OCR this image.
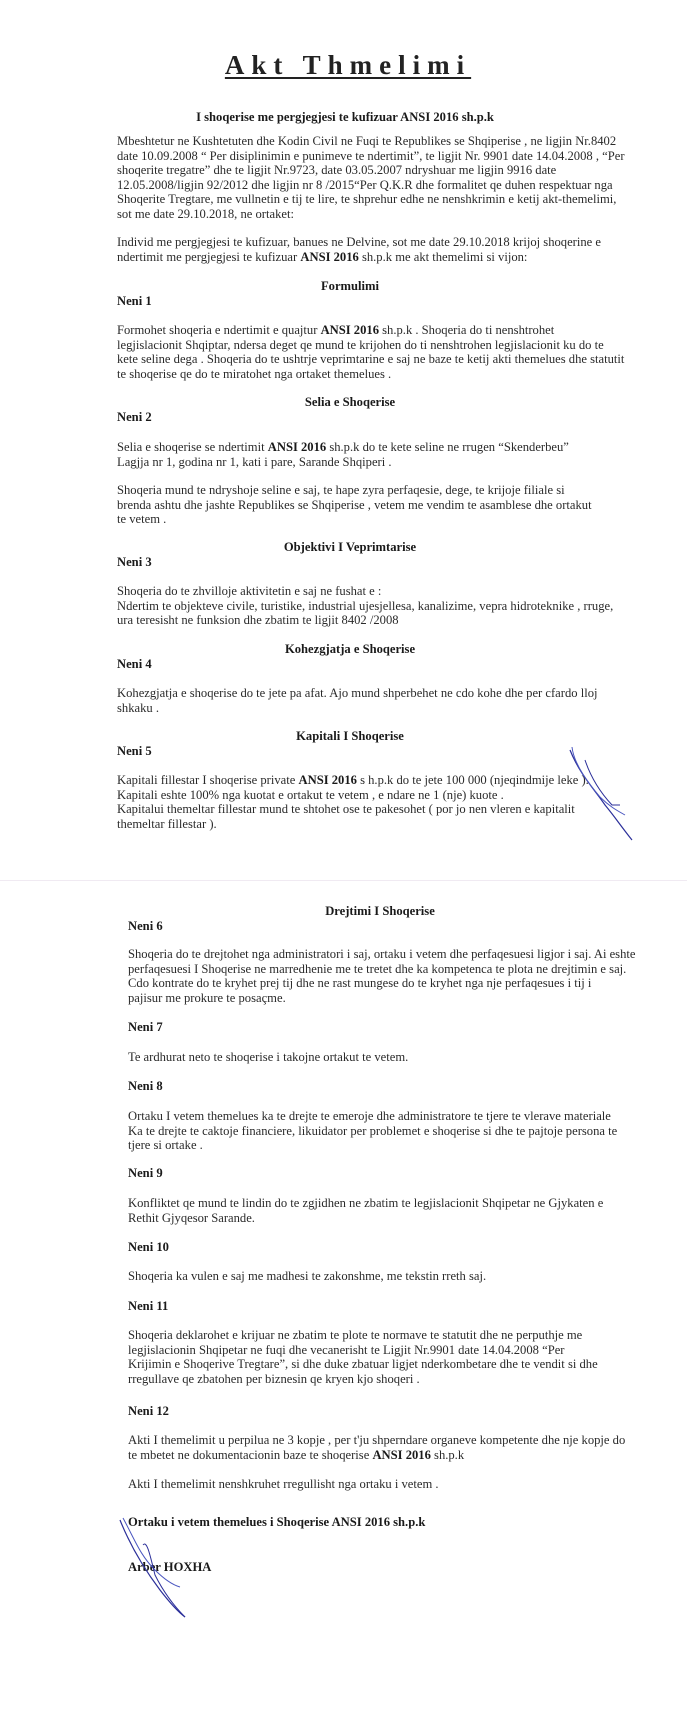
Akt Thmelimi
I shoqerise me pergjegjesi te kufizuar ANSI 2016 sh.p.k
Mbeshtetur ne Kushtetuten dhe Kodin Civil ne Fuqi te Republikes se Shqiperise , ne ligjin Nr.8402
date 10.09.2008 “ Per disiplinimin e punimeve te ndertimit”, te ligjit Nr. 9901 date 14.04.2008 , “Per
shoqerite tregatre” dhe te ligjit Nr.9723, date 03.05.2007 ndryshuar me ligjin 9916 date
12.05.2008/ligjin 92/2012 dhe ligjin nr 8 /2015“Per Q.K.R dhe formalitet qe duhen respektuar nga
Shoqerite Tregtare, me vullnetin e tij te lire, te shprehur edhe ne nenshkrimin e ketij akt-themelimi,
sot me date 29.10.2018, ne ortaket:
Individ me pergjegjesi te kufizuar, banues ne Delvine, sot me date 29.10.2018 krijoj shoqerine e
ndertimit me pergjegjesi te kufizuar ANSI 2016 sh.p.k me akt themelimi si vijon:
Formulimi
Neni 1
Formohet shoqeria e ndertimit e quajtur ANSI 2016 sh.p.k . Shoqeria do ti nenshtrohet
legjislacionit Shqiptar, ndersa deget qe mund te krijohen do ti nenshtrohen legjislacionit ku do te
kete seline dega . Shoqeria do te ushtrje veprimtarine e saj ne baze te ketij akti themelues dhe statutit
te shoqerise qe do te miratohet nga ortaket themelues .
Selia e Shoqerise
Neni 2
Selia e shoqerise se ndertimit ANSI 2016 sh.p.k do te kete seline ne rrugen “Skenderbeu”
Lagjja nr 1, godina nr 1, kati i pare, Sarande Shqiperi .
Shoqeria mund te ndryshoje seline e saj, te hape zyra perfaqesie, dege, te krijoje filiale si
brenda ashtu dhe jashte Republikes se Shqiperise , vetem me vendim te asamblese dhe ortakut
te vetem .
Objektivi I Veprimtarise
Neni 3
Shoqeria do te zhvilloje aktivitetin e saj ne fushat e :
Ndertim te objekteve civile, turistike, industrial ujesjellesa, kanalizime, vepra hidroteknike , rruge,
ura teresisht ne funksion dhe zbatim te ligjit 8402 /2008
Kohezgjatja e Shoqerise
Neni 4
Kohezgjatja e shoqerise do te jete pa afat. Ajo mund shperbehet ne cdo kohe dhe per cfardo lloj
shkaku .
Kapitali I Shoqerise
Neni 5
Kapitali fillestar I shoqerise private ANSI 2016 s h.p.k do te jete 100 000 (njeqindmije leke ).
Kapitali eshte 100% nga kuotat e ortakut te vetem , e ndare ne 1 (nje) kuote .
Kapitalui themeltar fillestar mund te shtohet ose te pakesohet ( por jo nen vleren e kapitalit
themeltar fillestar ).
Drejtimi I Shoqerise
Neni 6
Shoqeria do te drejtohet nga administratori i saj, ortaku i vetem dhe perfaqesuesi ligjor i saj. Ai eshte
perfaqesuesi I Shoqerise ne marredhenie me te tretet dhe ka kompetenca te plota ne drejtimin e saj.
Cdo kontrate do te kryhet prej tij dhe ne rast mungese do te kryhet nga nje perfaqesues i tij i
pajisur me prokure te posaçme.
Neni 7
Te ardhurat neto te shoqerise i takojne ortakut te vetem.
Neni 8
Ortaku I vetem themelues ka te drejte te emeroje dhe administratore te tjere te vlerave materiale
Ka te drejte te caktoje financiere, likuidator per problemet e shoqerise si dhe te pajtoje persona te
tjere si ortake .
Neni 9
Konfliktet qe mund te lindin do te zgjidhen ne zbatim te legjislacionit Shqipetar ne Gjykaten e
Rethit Gjyqesor Sarande.
Neni 10
Shoqeria ka vulen e saj me madhesi te zakonshme, me tekstin rreth saj.
Neni 11
Shoqeria deklarohet e krijuar ne zbatim te plote te normave te statutit dhe ne perputhje me
legjislacionin Shqipetar ne fuqi dhe vecanerisht te Ligjit Nr.9901 date 14.04.2008 “Per
Krijimin e Shoqerive Tregtare”, si dhe duke zbatuar ligjet nderkombetare dhe te vendit si dhe
rregullave qe zbatohen per biznesin qe kryen kjo shoqeri .
Neni 12
Akti I themelimit u perpilua ne 3 kopje , per t'ju shperndare organeve kompetente dhe nje kopje do
te mbetet ne dokumentacionin baze te shoqerise ANSI 2016 sh.p.k
Akti I themelimit nenshkruhet rregullisht nga ortaku i vetem .
Ortaku i vetem themelues i Shoqerise ANSI 2016 sh.p.k
Arber HOXHA
